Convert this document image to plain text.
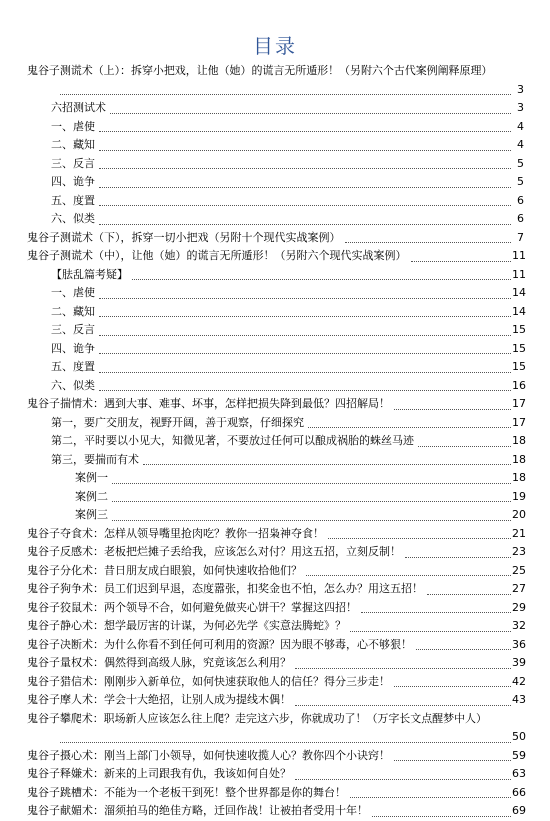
目录
鬼谷子测谎术（上）：拆穿小把戏，让他（她）的谎言无所遁形！（另附六个古代案例阐释原理）
3
六招测试术	3
一、虐使	4
二、藏知	4
三、反言	5
四、诡争	5
五、度置	6
六、似类	6
鬼谷子测谎术（下），拆穿一切小把戏（另附十个现代实战案例）	7
鬼谷子测谎术（中），让他（她）的谎言无所遁形！（另附六个现代实战案例）	11
【胠乱篇考疑】	11
一、虐使	14
二、藏知	14
三、反言	15
四、诡争	15
五、度置	15
六、似类	16
鬼谷子揣情术：遇到大事、难事、坏事，怎样把损失降到最低？四招解局！	17
第一，要广交朋友，视野开阔，善于观察，仔细探究	17
第二，平时要以小见大，知微见著，不要放过任何可以酿成祸胎的蛛丝马迹	18
第三，要揣而有术	18
案例一	18
案例二	19
案例三	20
鬼谷子夺食术：怎样从领导嘴里抢肉吃？教你一招枭神夺食！	21
鬼谷子反感术：老板把烂摊子丢给我，应该怎么对付？用这五招，立刻反制！	23
鬼谷子分化术：昔日朋友成白眼狼，如何快速收拾他们？	25
鬼谷子狗争术：员工们迟到早退，态度嚣张，扣奖金也不怕，怎么办？用这五招！	27
鬼谷子狡鼠术：两个领导不合，如何避免做夹心饼干？掌握这四招！	29
鬼谷子静心术：想学最厉害的计谋，为何必先学《实意法腾蛇》？	32
鬼谷子决断术：为什么你看不到任何可利用的资源？因为眼不够毒，心不够狠！	36
鬼谷子量权术：偶然得到高级人脉，究竟该怎么利用？	39
鬼谷子猎信术：刚刚步入新单位，如何快速获取他人的信任？得分三步走！	42
鬼谷子摩人术：学会十大绝招，让别人成为提线木偶！	43
鬼谷子攀爬术：职场新人应该怎么往上爬？走完这六步，你就成功了！（万字长文点醒梦中人）
50
鬼谷子摄心术：刚当上部门小领导，如何快速收揽人心？教你四个小诀窍！	59
鬼谷子释嫌术：新来的上司跟我有仇，我该如何自处？	63
鬼谷子跳槽术：不能为一个老板干到死！整个世界都是你的舞台！	66
鬼谷子献媚术：溜须拍马的绝佳方略，迁回作战！让被拍者受用十年！	69
